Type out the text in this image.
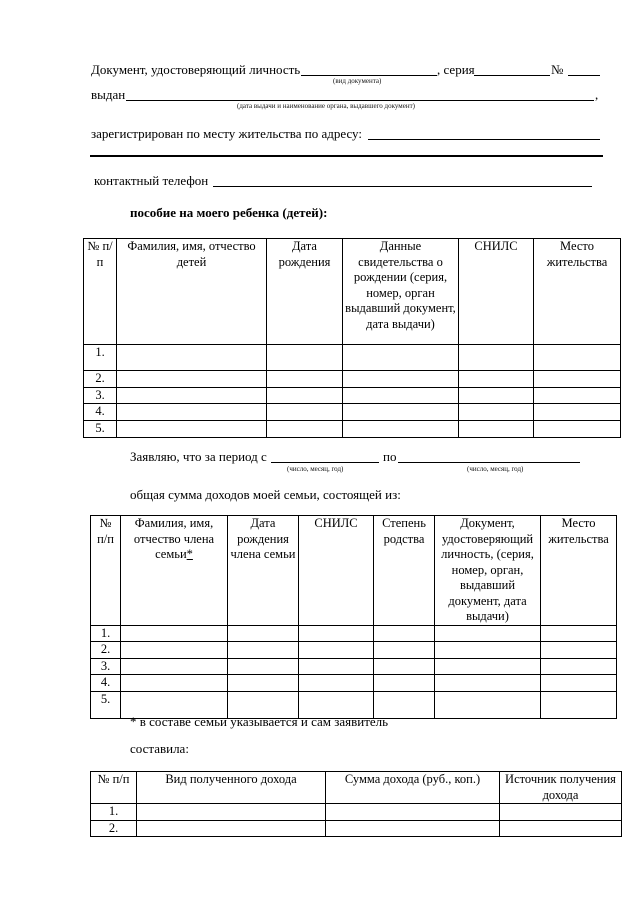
Документ, удостоверяющий личность	, серия	№
(вид документа)
выдан	,
(дата выдачи и наименование органа, выдавшего документ)
зарегистрирован по месту жительства по адресу:
контактный телефон
пособие на моего ребенка (детей):
№ п/п	Фамилия, имя, отчество детей	Дата рождения	Данные свидетельства о рождении (серия, номер, орган выдавший документ, дата выдачи)	СНИЛС	Место жительства
1.					
2.					
3.					
4.					
5.					
Заявляю, что за период с	по
(число, месяц, год)	(число, месяц, год)
общая сумма доходов моей семьи, состоящей из:
№ п/п	Фамилия, имя, отчество члена семьи*	Дата рождения члена семьи	СНИЛС	Степень родства	Документ, удостоверяющий личность, (серия, номер, орган, выдавший документ, дата выдачи)	Место жительства
1.						
2.						
3.						
4.						
5.						
* в составе семьи указывается и сам заявитель
составила:
№ п/п	Вид полученного дохода	Сумма дохода (руб., коп.)	Источник получения дохода
1.			
2.			
